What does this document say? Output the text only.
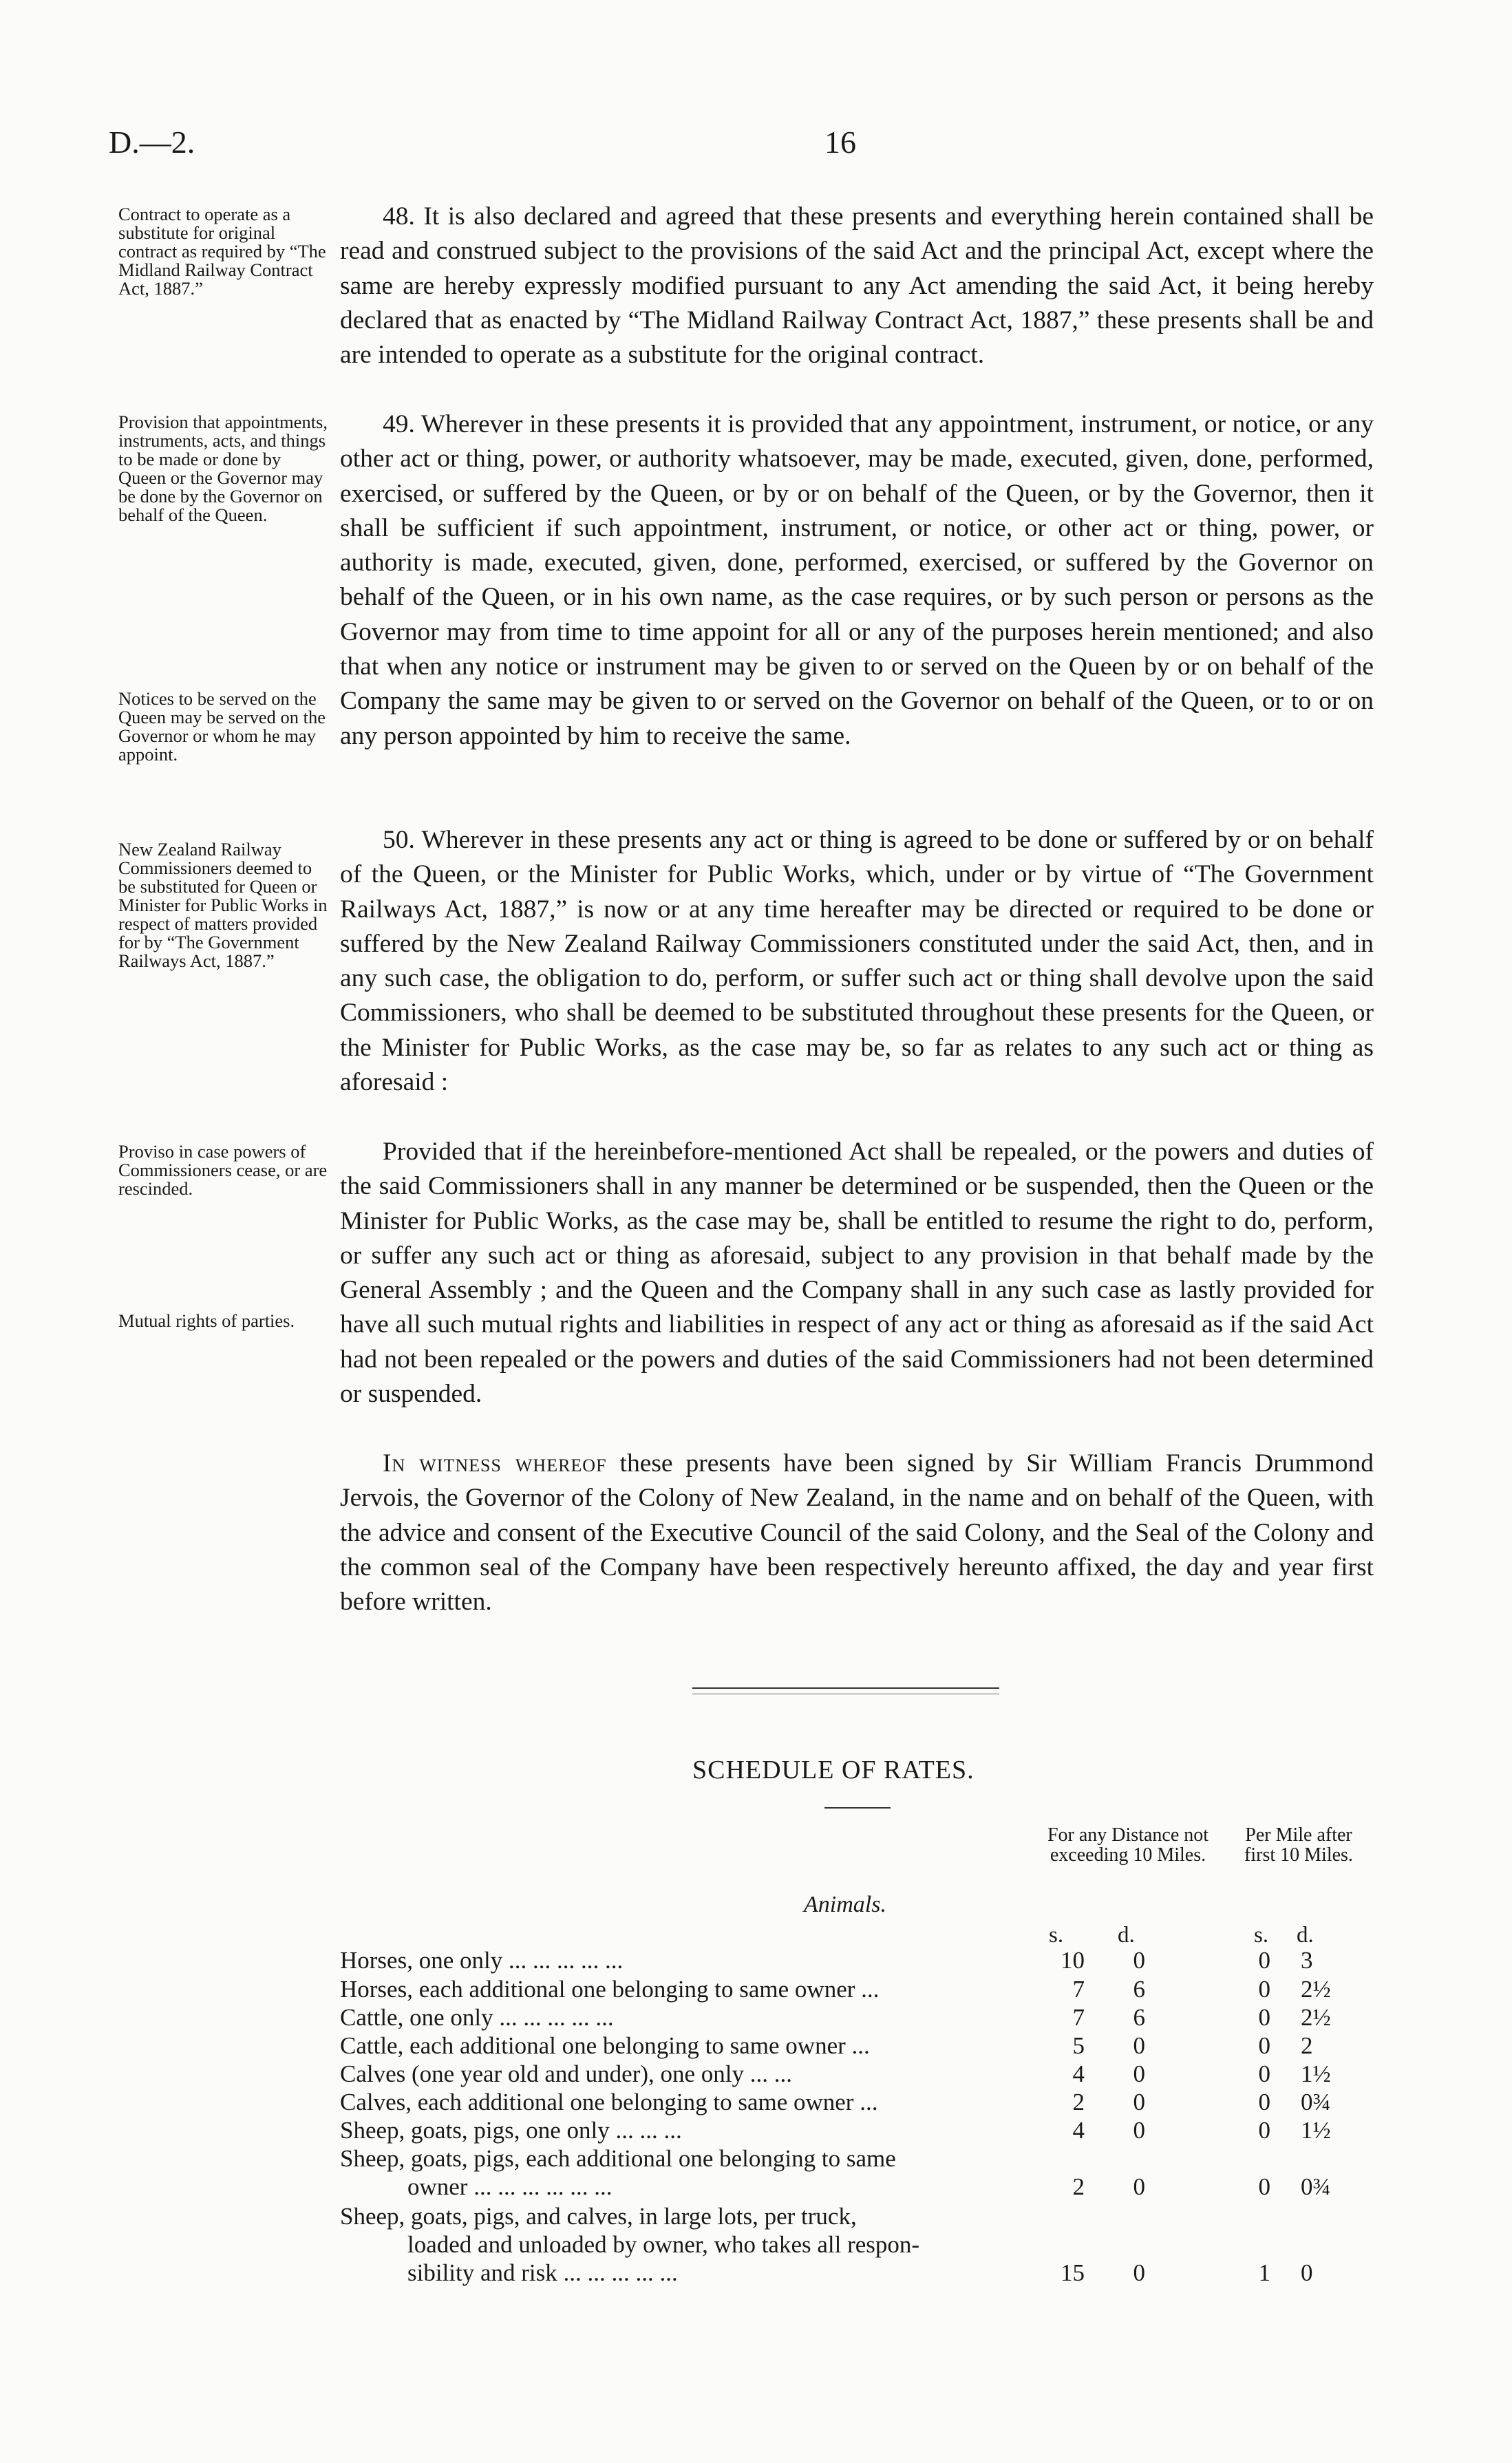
D.—2.	16

Contract to operate as a substitute for original contract as required by “The Midland Railway Contract Act, 1887.”

Provision that appointments, instruments, acts, and things to be made or done by Queen or the Governor may be done by the Governor on behalf of the Queen.

Notices to be served on the Queen may be served on the Governor or whom he may appoint.

New Zealand Railway Commissioners deemed to be substituted for Queen or Minister for Public Works in respect of matters provided for by “The Government Railways Act, 1887.”

Proviso in case powers of Commissioners cease, or are rescinded.

Mutual rights of parties.

48. It is also declared and agreed that these presents and everything herein contained shall be read and construed subject to the provisions of the said Act and the principal Act, except where the same are hereby expressly modified pursuant to any Act amending the said Act, it being hereby declared that as enacted by “The Midland Railway Contract Act, 1887,” these presents shall be and are intended to operate as a substitute for the original contract.

49. Wherever in these presents it is provided that any appointment, instrument, or notice, or any other act or thing, power, or authority whatsoever, may be made, executed, given, done, performed, exercised, or suffered by the Queen, or by or on behalf of the Queen, or by the Governor, then it shall be sufficient if such appointment, instrument, or notice, or other act or thing, power, or authority is made, executed, given, done, performed, exercised, or suffered by the Governor on behalf of the Queen, or in his own name, as the case requires, or by such person or persons as the Governor may from time to time appoint for all or any of the purposes herein mentioned; and also that when any notice or instrument may be given to or served on the Queen by or on behalf of the Company the same may be given to or served on the Governor on behalf of the Queen, or to or on any person appointed by him to receive the same.

50. Wherever in these presents any act or thing is agreed to be done or suffered by or on behalf of the Queen, or the Minister for Public Works, which, under or by virtue of “The Government Railways Act, 1887,” is now or at any time hereafter may be directed or required to be done or suffered by the New Zealand Railway Commissioners constituted under the said Act, then, and in any such case, the obligation to do, perform, or suffer such act or thing shall devolve upon the said Commissioners, who shall be deemed to be substituted throughout these presents for the Queen, or the Minister for Public Works, as the case may be, so far as relates to any such act or thing as aforesaid :

Provided that if the hereinbefore-mentioned Act shall be repealed, or the powers and duties of the said Commissioners shall in any manner be determined or be suspended, then the Queen or the Minister for Public Works, as the case may be, shall be entitled to resume the right to do, perform, or suffer any such act or thing as aforesaid, subject to any provision in that behalf made by the General Assembly ; and the Queen and the Company shall in any such case as lastly provided for have all such mutual rights and liabilities in respect of any act or thing as aforesaid as if the said Act had not been repealed or the powers and duties of the said Commissioners had not been determined or suspended.

In witness whereof these presents have been signed by Sir William Francis Drummond Jervois, the Governor of the Colony of New Zealand, in the name and on behalf of the Queen, with the advice and consent of the Executive Council of the said Colony, and the Seal of the Colony and the common seal of the Company have been respectively hereunto affixed, the day and year first before written.

SCHEDULE OF RATES.
For any Distance not exceeding 10 Miles.
Per Mile after first 10 Miles.
Animals.
s. d.	s. d.
Horses, one only ... ... ... ... ...	10	0	0 3
Horses, each additional one belonging to same owner ...	7	6	0 2½
Cattle, one only ... ... ... ... ...	7	6	0 2½
Cattle, each additional one belonging to same owner ...	5	0	0 2
Calves (one year old and under), one only ... ...	4	0	0 1½
Calves, each additional one belonging to same owner ...	2	0	0 0¾
Sheep, goats, pigs, one only ... ... ...	4	0	0 1½
Sheep, goats, pigs, each additional one belonging to same
owner ... ... ... ... ... ...	2	0	0 0¾
Sheep, goats, pigs, and calves, in large lots, per truck,
loaded and unloaded by owner, who takes all respon-
sibility and risk ... ... ... ... ...	15	0	1 0
